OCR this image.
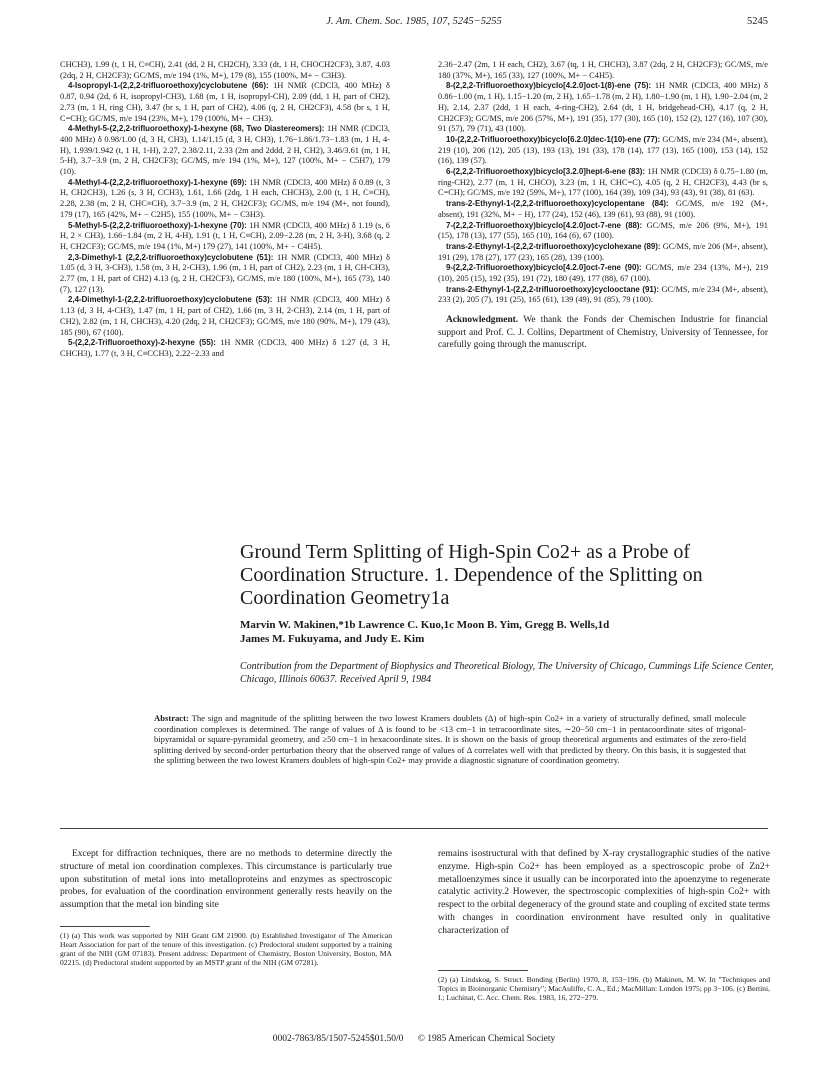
J. Am. Chem. Soc. 1985, 107, 5245−5255	5245

CHCH3), 1.99 (t, 1 H, C≡CH), 2.41 (dd, 2 H, CH2CH), 3.33 (dt, 1 H, CHOCH2CF3), 3.87, 4.03 (2dq, 2 H, CH2CF3); GC/MS, m/e 194 (1%, M+), 179 (8), 155 (100%, M+ − C3H3).

4-Isopropyl-1-(2,2,2-trifluoroethoxy)cyclobutene (66): 1H NMR (CDCl3, 400 MHz) δ 0.87, 0.94 (2d, 6 H, isopropyl-CH3), 1.68 (m, 1 H, isopropyl-CH), 2.09 (dd, 1 H, part of CH2), 2.73 (m, 1 H, ring CH), 3.47 (br s, 1 H, part of CH2), 4.06 (q, 2 H, CH2CF3), 4.58 (br s, 1 H, C=CH); GC/MS, m/e 194 (23%, M+), 179 (100%, M+ − CH3).

4-Methyl-5-(2,2,2-trifluoroethoxy)-1-hexyne (68, Two Diastereomers): 1H NMR (CDCl3, 400 MHz) δ 0.98/1.00 (d, 3 H, CH3), 1.14/1.15 (d, 3 H, CH3), 1.76−1.86/1.73−1.83 (m, 1 H, 4-H), 1.939/1.942 (t, 1 H, 1-H), 2.27, 2.38/2.11, 2.33 (2m and 2ddd, 2 H, CH2), 3.46/3.61 (m, 1 H, 5-H), 3.7−3.9 (m, 2 H, CH2CF3); GC/MS, m/e 194 (1%, M+), 127 (100%, M+ − C5H7), 179 (10).

4-Methyl-4-(2,2,2-trifluoroethoxy)-1-hexyne (69): 1H NMR (CDCl3, 400 MHz) δ 0.89 (t, 3 H, CH2CH3), 1.26 (s, 3 H, CCH3), 1.61, 1.66 (2dq, 1 H each, CHCH3), 2.00 (t, 1 H, C≡CH), 2.28, 2.38 (m, 2 H, CHC≡CH), 3.7−3.9 (m, 2 H, CH2CF3); GC/MS, m/e 194 (M+, not found), 179 (17), 165 (42%, M+ − C2H5), 155 (100%, M+ − C3H3).

5-Methyl-5-(2,2,2-trifluoroethoxy)-1-hexyne (70): 1H NMR (CDCl3, 400 MHz) δ 1.19 (s, 6 H, 2 × CH3), 1.66−1.84 (m, 2 H, 4-H), 1.91 (t, 1 H, C≡CH), 2.09−2.28 (m, 2 H, 3-H), 3.68 (q, 2 H, CH2CF3); GC/MS, m/e 194 (1%, M+) 179 (27), 141 (100%, M+ − C4H5).

2,3-Dimethyl-1 (2,2,2-trifluoroethoxy)cyclobutene (51): 1H NMR (CDCl3, 400 MHz) δ 1.05 (d, 3 H, 3-CH3), 1.58 (m, 3 H, 2-CH3), 1.96 (m, 1 H, part of CH2), 2.23 (m, 1 H, CH-CH3), 2.77 (m, 1 H, part of CH2) 4.13 (q, 2 H, CH2CF3), GC/MS, m/e 180 (100%, M+), 165 (73), 140 (7), 127 (13).

2,4-Dimethyl-1-(2,2,2-trifluoroethoxy)cyclobutene (53): 1H NMR (CDCl3, 400 MHz) δ 1.13 (d, 3 H, 4-CH3), 1.47 (m, 1 H, part of CH2), 1.66 (m, 3 H, 2-CH3), 2.14 (m, 1 H, part of CH2), 2.82 (m, 1 H, CHCH3), 4.20 (2dq, 2 H, CH2CF3); GC/MS, m/e 180 (90%, M+), 179 (43), 185 (90), 67 (100).

5-(2,2,2-Trifluoroethoxy)-2-hexyne (55): 1H NMR (CDCl3, 400 MHz) δ 1.27 (d, 3 H, CHCH3), 1.77 (t, 3 H, C≡CCH3), 2.22−2.33 and

2.36−2.47 (2m, 1 H each, CH2), 3.67 (tq, 1 H, CHCH3), 3.87 (2dq, 2 H, CH2CF3); GC/MS, m/e 180 (37%, M+), 165 (33), 127 (100%, M+ − C4H5).

8-(2,2,2-Trifluoroethoxy)bicyclo[4.2.0]oct-1(8)-ene (75): 1H NMR (CDCl3, 400 MHz) δ 0.86−1.00 (m, 1 H), 1.15−1.20 (m, 2 H), 1.65−1.78 (m, 2 H), 1.80−1.90 (m, 1 H), 1.90−2.04 (m, 2 H), 2.14, 2.37 (2dd, 1 H each, 4-ring-CH2), 2.64 (dt, 1 H, bridgehead-CH), 4.17 (q, 2 H, CH2CF3); GC/MS, m/e 206 (57%, M+), 191 (35), 177 (30), 165 (10), 152 (2), 127 (16), 107 (30), 91 (57), 79 (71), 43 (100).

10-(2,2,2-Trifluoroethoxy)bicyclo[6.2.0]dec-1(10)-ene (77): GC/MS, m/e 234 (M+, absent), 219 (10), 206 (12), 205 (13), 193 (13), 191 (33), 178 (14), 177 (13), 165 (100), 153 (14), 152 (16), 139 (57).

6-(2,2,2-Trifluoroethoxy)bicyclo[3.2.0]hept-6-ene (83): 1H NMR (CDCl3) δ 0.75−1.80 (m, ring-CH2), 2.77 (m, 1 H, CHCO), 3.23 (m, 1 H, CHC=C), 4.05 (q, 2 H, CH2CF3), 4.43 (br s, C=CH); GC/MS, m/e 192 (59%, M+), 177 (100), 164 (39), 109 (34), 93 (43), 91 (38), 81 (63).

trans-2-Ethynyl-1-(2,2,2-trifluoroethoxy)cyclopentane (84): GC/MS, m/e 192 (M+, absent), 191 (32%, M+ − H), 177 (24), 152 (46), 139 (61), 93 (88), 91 (100).

7-(2,2,2-Trifluoroethoxy)bicyclo[4.2.0]oct-7-ene (88): GC/MS, m/e 206 (9%, M+), 191 (15), 178 (13), 177 (55), 165 (10), 164 (6), 67 (100).

trans-2-Ethynyl-1-(2,2,2-trifluoroethoxy)cyclohexane (89): GC/MS, m/e 206 (M+, absent), 191 (29), 178 (27), 177 (23), 165 (28), 139 (100).

9-(2,2,2-Trifluoroethoxy)bicyclo[4.2.0]oct-7-ene (90): GC/MS, m/e 234 (13%, M+), 219 (10), 205 (15), 192 (35), 191 (72), 180 (49), 177 (88), 67 (100).

trans-2-Ethynyl-1-(2,2,2-trifluoroethoxy)cyclooctane (91): GC/MS, m/e 234 (M+, absent), 233 (2), 205 (7), 191 (25), 165 (61), 139 (49), 91 (85), 79 (100).

Acknowledgment. We thank the Fonds der Chemischen Industrie for financial support and Prof. C. J. Collins, Department of Chemistry, University of Tennessee, for carefully going through the manuscript.

Ground Term Splitting of High-Spin Co2+ as a Probe of Coordination Structure. 1. Dependence of the Splitting on Coordination Geometry1a
Marvin W. Makinen,*1b Lawrence C. Kuo,1c Moon B. Yim, Gregg B. Wells,1d
James M. Fukuyama, and Judy E. Kim
Contribution from the Department of Biophysics and Theoretical Biology, The University of Chicago, Cummings Life Science Center, Chicago, Illinois 60637. Received April 9, 1984
Abstract: The sign and magnitude of the splitting between the two lowest Kramers doublets (Δ) of high-spin Co2+ in a variety of structurally defined, small molecule coordination complexes is determined. The range of values of Δ is found to be <13 cm−1 in tetracoordinate sites, ∼20−50 cm−1 in pentacoordinate sites of trigonal-bipyramidal or square-pyramidal geometry, and ≥50 cm−1 in hexacoordinate sites. It is shown on the basis of group theoretical arguments and estimates of the zero-field splitting derived by second-order perturbation theory that the observed range of values of Δ correlates well with that predicted by theory. On this basis, it is suggested that the splitting between the two lowest Kramers doublets of high-spin Co2+ may provide a diagnostic signature of coordination geometry.

Except for diffraction techniques, there are no methods to determine directly the structure of metal ion coordination complexes. This circumstance is particularly true upon substitution of metal ions into metalloproteins and enzymes as spectroscopic probes, for evaluation of the coordination environment generally rests heavily on the assumption that the metal ion binding site

(1) (a) This work was supported by NIH Grant GM 21900. (b) Established Investigator of The American Heart Association for part of the tenure of this investigation. (c) Predoctoral student supported by a training grant of the NIH (GM 07183). Present address: Department of Chemistry, Boston University, Boston, MA 02215. (d) Predoctoral student supported by an MSTP grant of the NIH (GM 07281).

remains isostructural with that defined by X-ray crystallographic studies of the native enzyme. High-spin Co2+ has been employed as a spectroscopic probe of Zn2+ metalloenzymes since it usually can be incorporated into the apoenzyme to regenerate catalytic activity.2 However, the spectroscopic complexities of high-spin Co2+ with respect to the orbital degeneracy of the ground state and coupling of excited state terms with changes in coordination environment have resulted only in qualitative characterization of

(2) (a) Lindskog, S. Struct. Bonding (Berlin) 1970, 8, 153−196. (b) Makinen, M. W. In "Techniques and Topics in Bioinorganic Chemistry"; MacAuliffe, C. A., Ed.; MacMillan: London 1975; pp 3−106. (c) Bertini, I.; Luchinat, C. Acc. Chem. Res. 1983, 16, 272−279.
0002-7863/85/1507-5245$01.50/0 © 1985 American Chemical Society
